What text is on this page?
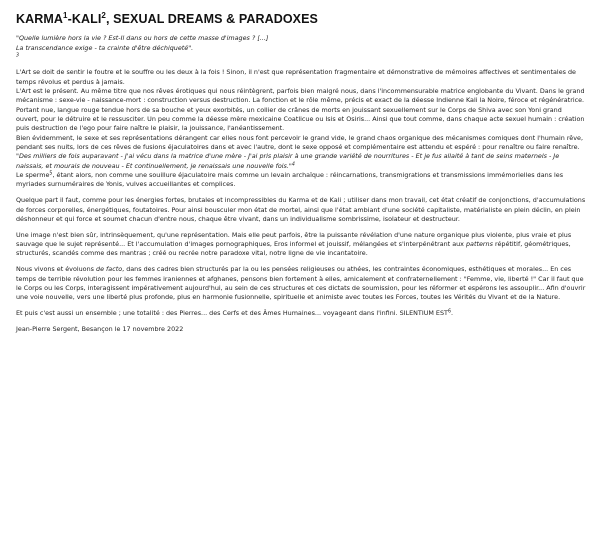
KARMA$^1$-KALI$^2$, SEXUAL DREAMS & PARADOXES

"Quelle lumière hors la vie ? Est-Il dans ou hors de cette masse d'images ? [...]
La transcendance exige - ta crainte d'être déchiqueté".
$^3$

L'Art se doit de sentir le foutre et le souffre ou les deux à la fois ! Sinon, il n'est que représentation fragmentaire et démonstrative de mémoires affectives et sentimentales de temps révolus et perdus à jamais.

L'Art est le présent. Au même titre que nos rêves érotiques qui nous réintègrent, parfois bien malgré nous, dans l'incommensurable matrice englobante du Vivant. Dans le grand mécanisme : sexe-vie - naissance-mort : construction versus destruction. La fonction et le rôle même, précis et exact de la déesse Indienne Kali la Noire, féroce et régénératrice. Portant nue, langue rouge tendue hors de sa bouche et yeux exorbités, un collier de crânes de morts en jouissant sexuellement sur le Corps de Shiva avec son Yoni grand ouvert, pour le détruire et le ressusciter. Un peu comme la déesse mère mexicaine Coatlicue ou Isis et Osiris... Ainsi que tout comme, dans chaque acte sexuel humain : création puis destruction de l'ego pour faire naître le plaisir, la jouissance, l'anéantissement.

Bien évidemment, le sexe et ses représentations dérangent car elles nous font percevoir le grand vide, le grand chaos organique des mécanismes comiques dont l'humain rêve, pendant ses nuits, lors de ces rêves de fusions éjaculatoires dans et avec l'autre, dont le sexe opposé et complémentaire est attendu et espéré : pour renaître ou faire renaître.

"Des milliers de fois auparavant - J'ai vécu dans la matrice d'une mère - J'ai pris plaisir à une grande variété de nourritures - Et je fus allaité à tant de seins maternels - Je naissais, et mourais de nouveau - Et continuellement, je renaissais une nouvelle fois."$^4$

Le sperme$^5$, étant alors, non comme une souillure éjaculatoire mais comme un levain archaïque : réincarnations, transmigrations et transmissions immémorielles dans les myriades surnuméraires de Yonis, vulves accueillantes et complices.

Quelque part il faut, comme pour les énergies fortes, brutales et incompressibles du Karma et de Kali ; utiliser dans mon travail, cet état créatif de conjonctions, d'accumulations de forces corporelles, énergétiques, foutatoires. Pour ainsi bousculer mon état de mortel, ainsi que l'état ambiant d'une société capitaliste, matérialiste en plein déclin, en plein déshonneur et qui force et soumet chacun d'entre nous, chaque être vivant, dans un individualisme sombrissime, isolateur et destructeur.

Une image n'est bien sûr, intrinsèquement, qu'une représentation. Mais elle peut parfois, être la puissante révélation d'une nature organique plus violente, plus vraie et plus sauvage que le sujet représenté... Et l'accumulation d'images pornographiques, Eros informel et jouissif, mélangées et s'interpénétrant aux patterns répétitif, géométriques, structurés, scandés comme des mantras ; créé ou recrée notre paradoxe vital, notre ligne de vie incantatoire.

Nous vivons et évoluons de facto, dans des cadres bien structurés par la ou les pensées religieuses ou athées, les contraintes économiques, esthétiques et morales... En ces temps de terrible révolution pour les femmes iraniennes et afghanes, pensons bien fortement à elles, amicalement et confraternellement : "Femme, vie, liberté !" Car il faut que le Corps ou les Corps, interagissent impérativement aujourd'hui, au sein de ces structures et ces dictats de soumission, pour les réformer et espérons les assouplir... Afin d'ouvrir une voie nouvelle, vers une liberté plus profonde, plus en harmonie fusionnelle, spirituelle et animiste avec toutes les Forces, toutes les Vérités du Vivant et de la Nature.

Et puis c'est aussi un ensemble ; une totalité : des Pierres... des Cerfs et des Âmes Humaines... voyageant dans l'infini. SILENTIUM EST$^6$.

Jean-Pierre Sergent, Besançon le 17 novembre 2022
